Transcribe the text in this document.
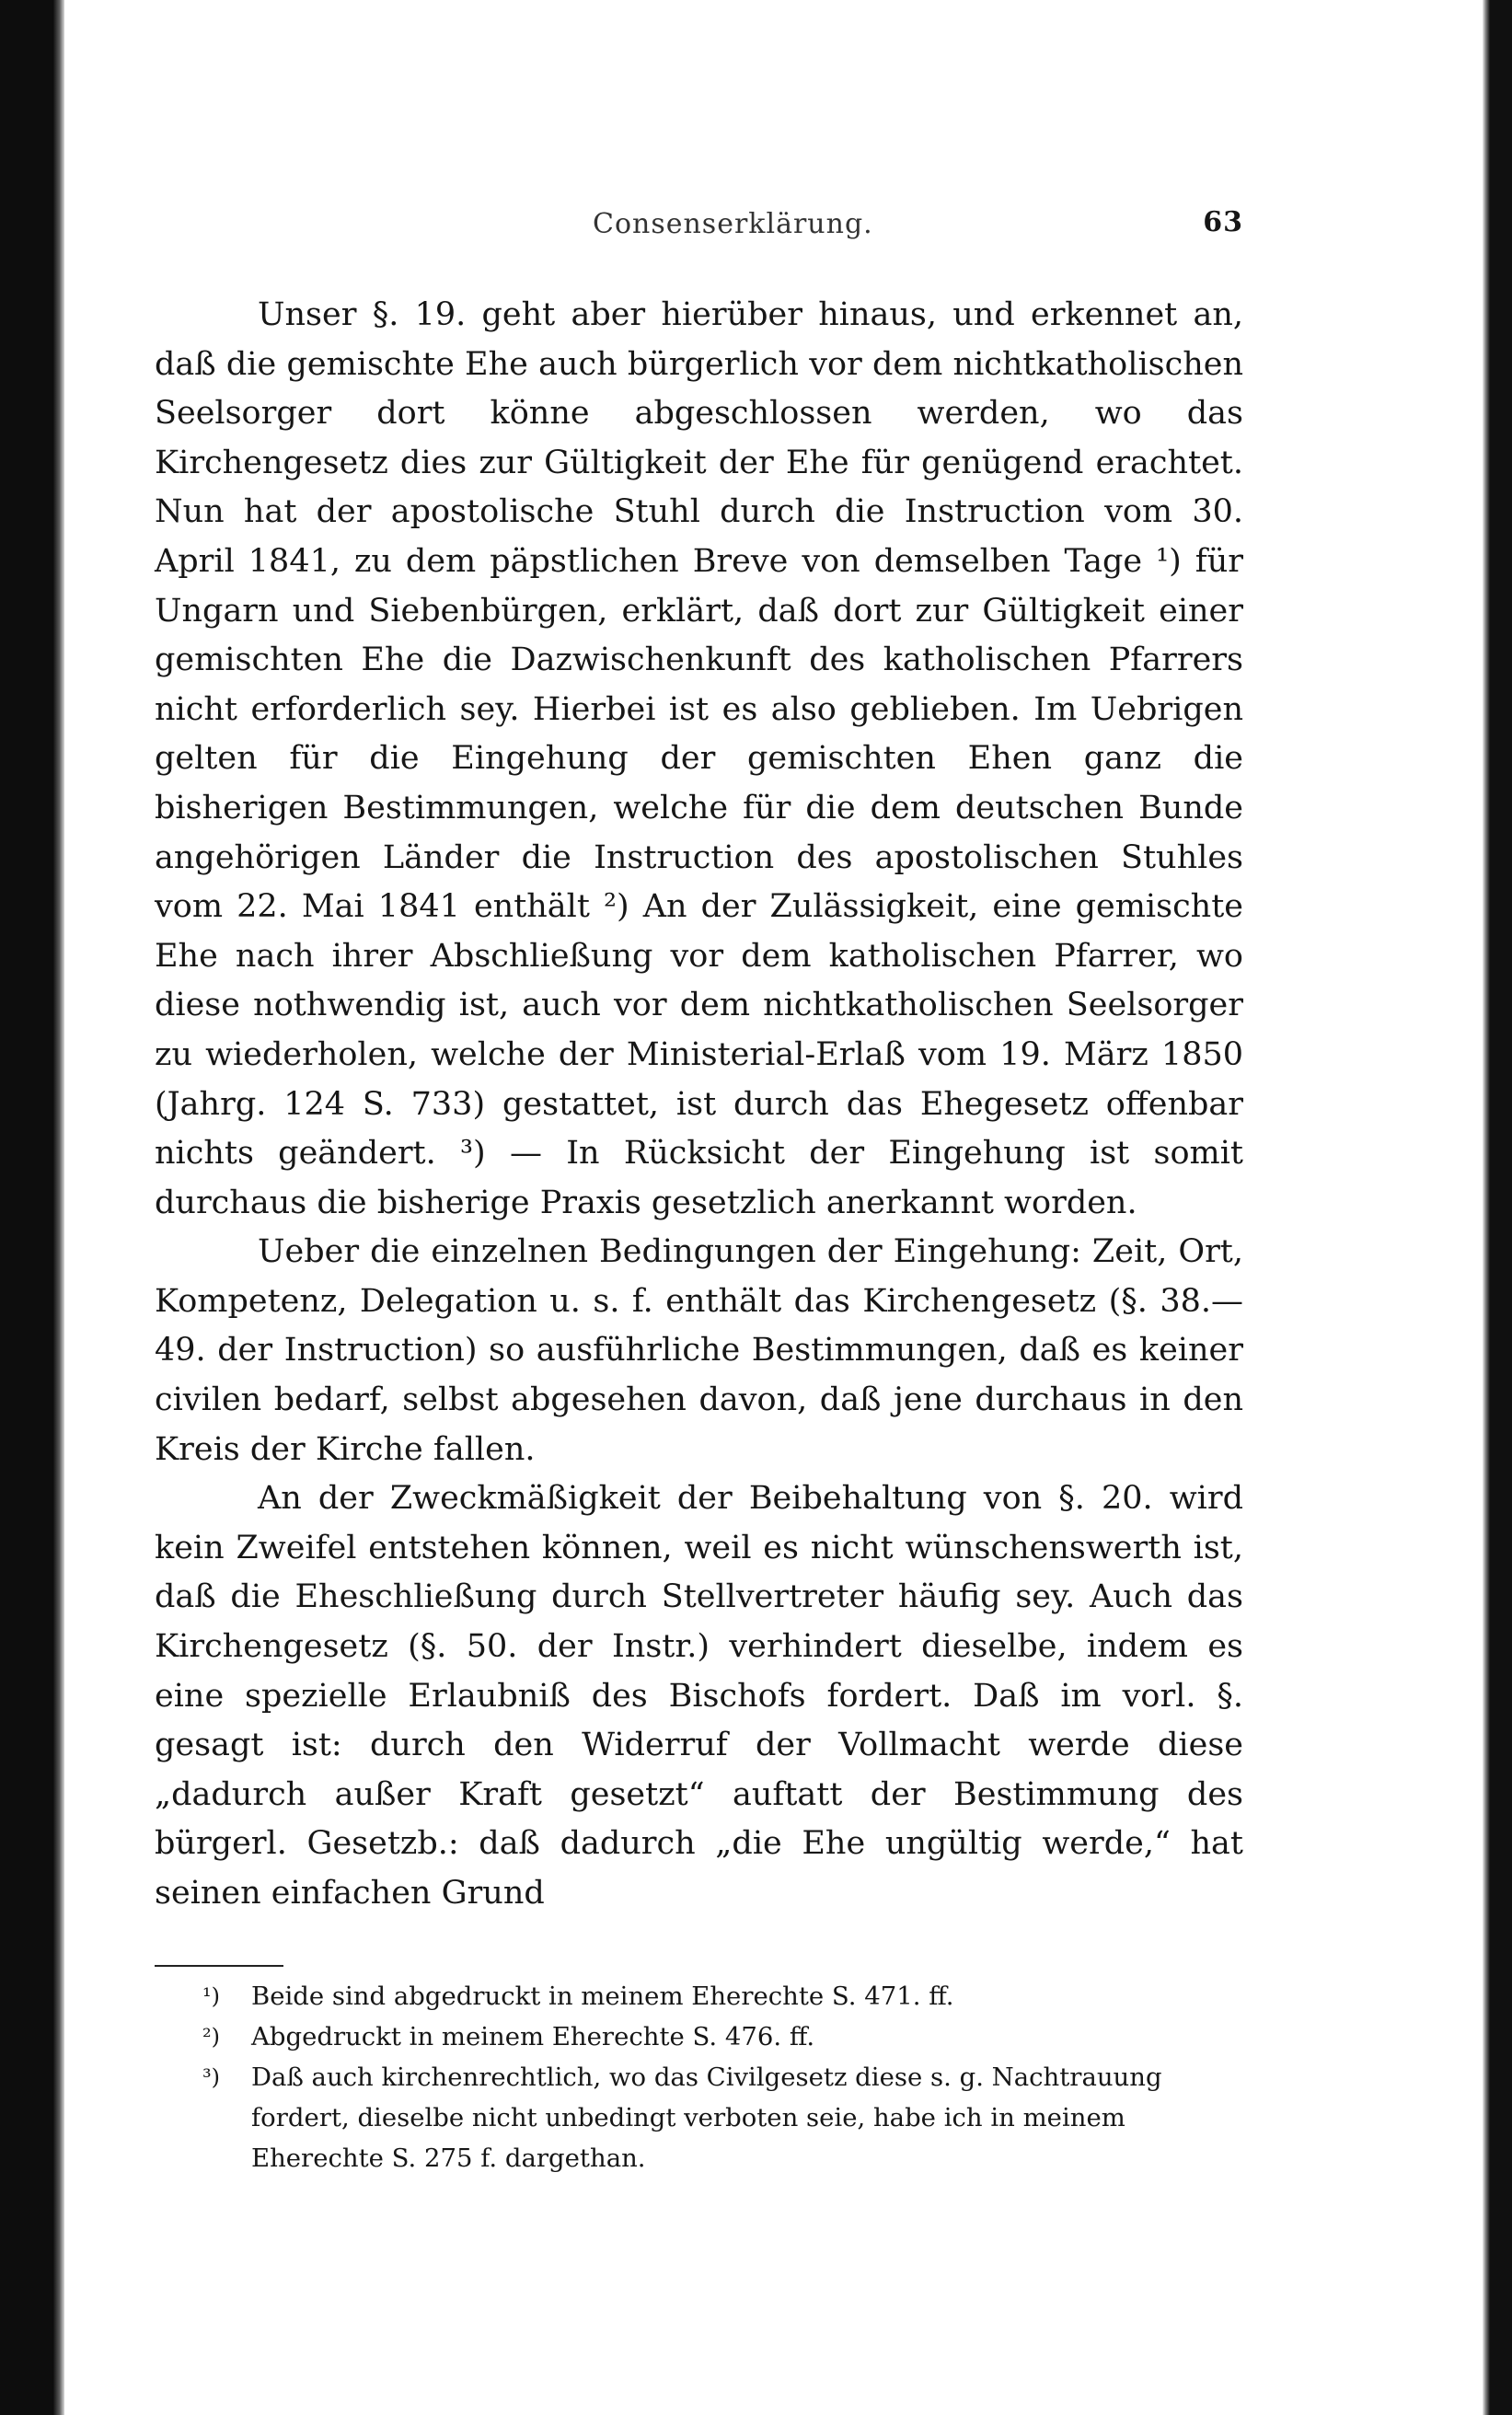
Consenserklärung.	63

Unser §. 19. geht aber hierüber hinaus, und erkennet an, daß die gemischte Ehe auch bürgerlich vor dem nichtkatholischen Seelsorger dort könne abgeschlossen werden, wo das Kirchengesetz dies zur Gültigkeit der Ehe für genügend erachtet. Nun hat der apostolische Stuhl durch die Instruction vom 30. April 1841, zu dem päpstlichen Breve von demselben Tage ¹) für Ungarn und Siebenbürgen, erklärt, daß dort zur Gültigkeit einer gemischten Ehe die Dazwischenkunft des katholischen Pfarrers nicht erforderlich sey. Hierbei ist es also geblieben. Im Uebrigen gelten für die Eingehung der gemischten Ehen ganz die bisherigen Bestimmungen, welche für die dem deutschen Bunde angehörigen Länder die Instruction des apostolischen Stuhles vom 22. Mai 1841 enthält ²) An der Zulässigkeit, eine gemischte Ehe nach ihrer Abschließung vor dem katholischen Pfarrer, wo diese nothwendig ist, auch vor dem nichtkatholischen Seelsorger zu wiederholen, welche der Ministerial-Erlaß vom 19. März 1850 (Jahrg. 124 S. 733) gestattet, ist durch das Ehegesetz offenbar nichts geändert. ³) — In Rücksicht der Eingehung ist somit durchaus die bisherige Praxis gesetzlich anerkannt worden.

Ueber die einzelnen Bedingungen der Eingehung: Zeit, Ort, Kompetenz, Delegation u. s. f. enthält das Kirchengesetz (§. 38.—49. der Instruction) so ausführliche Bestimmungen, daß es keiner civilen bedarf, selbst abgesehen davon, daß jene durchaus in den Kreis der Kirche fallen.

An der Zweckmäßigkeit der Beibehaltung von §. 20. wird kein Zweifel entstehen können, weil es nicht wünschenswerth ist, daß die Eheschließung durch Stellvertreter häufig sey. Auch das Kirchengesetz (§. 50. der Instr.) verhindert dieselbe, indem es eine spezielle Erlaubniß des Bischofs fordert. Daß im vorl. §. gesagt ist: durch den Widerruf der Vollmacht werde diese „dadurch außer Kraft gesetzt“ auftatt der Bestimmung des bürgerl. Gesetzb.: daß dadurch „die Ehe ungültig werde,“ hat seinen einfachen Grund

¹) Beide sind abgedruckt in meinem Eherechte S. 471. ff.
²) Abgedruckt in meinem Eherechte S. 476. ff.
³) Daß auch kirchenrechtlich, wo das Civilgesetz diese s. g. Nachtrauung fordert, dieselbe nicht unbedingt verboten seie, habe ich in meinem Eherechte S. 275 f. dargethan.
